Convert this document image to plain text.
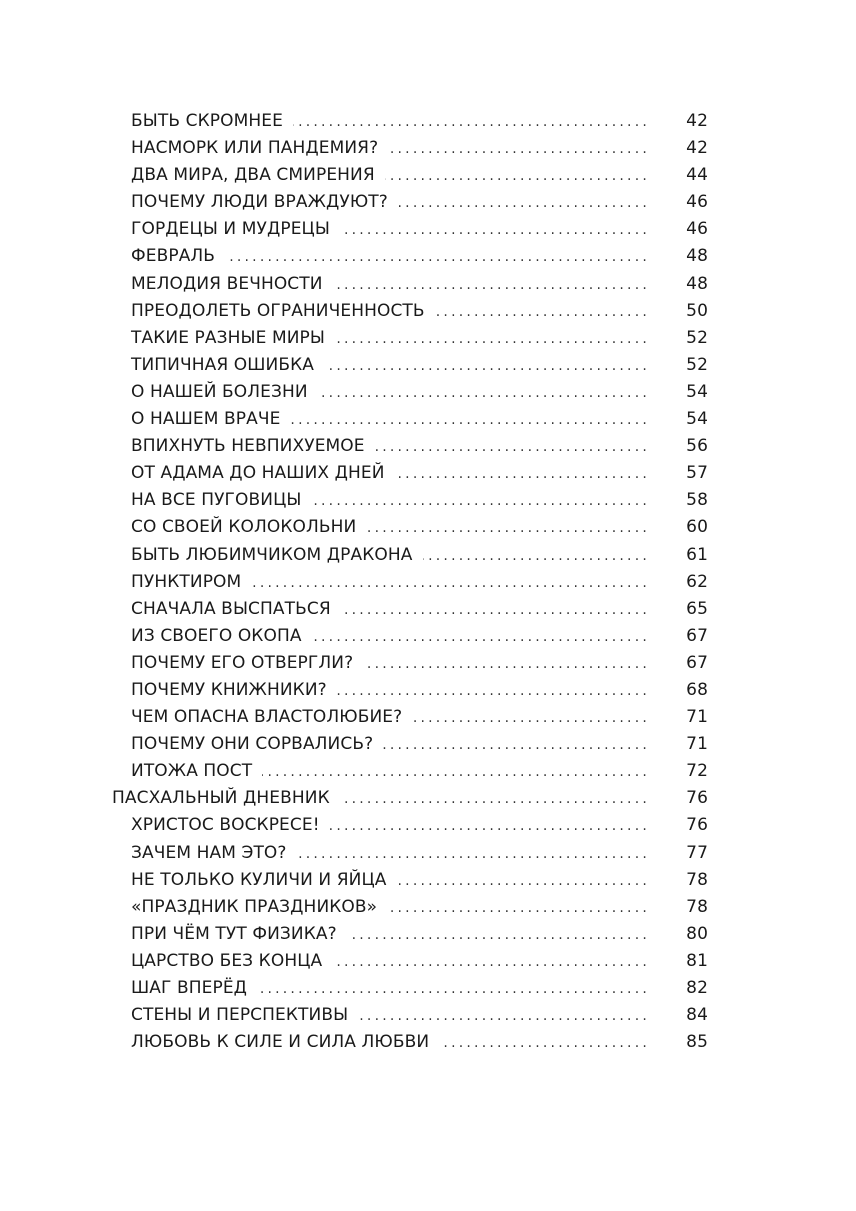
БЫТЬ СКРОМНЕЕ .....	42
НАСМОРК ИЛИ ПАНДЕМИЯ? .....	42
ДВА МИРА, ДВА СМИРЕНИЯ .....	44
ПОЧЕМУ ЛЮДИ ВРАЖДУЮТ? .....	46
ГОРДЕЦЫ И МУДРЕЦЫ .....	46
ФЕВРАЛЬ .....	48
МЕЛОДИЯ ВЕЧНОСТИ .....	48
ПРЕОДОЛЕТЬ ОГРАНИЧЕННОСТЬ .....	50
ТАКИЕ РАЗНЫЕ МИРЫ .....	52
ТИПИЧНАЯ ОШИБКА .....	52
О НАШЕЙ БОЛЕЗНИ .....	54
О НАШЕМ ВРАЧЕ .....	54
ВПИХНУТЬ НЕВПИХУЕМОЕ .....	56
ОТ АДАМА ДО НАШИХ ДНЕЙ .....	57
НА ВСЕ ПУГОВИЦЫ .....	58
СО СВОЕЙ КОЛОКОЛЬНИ .....	60
БЫТЬ ЛЮБИМЧИКОМ ДРАКОНА .....	61
ПУНКТИРОМ .....	62
СНАЧАЛА ВЫСПАТЬСЯ .....	65
ИЗ СВОЕГО ОКОПА .....	67
ПОЧЕМУ ЕГО ОТВЕРГЛИ? .....	67
ПОЧЕМУ КНИЖНИКИ? .....	68
ЧЕМ ОПАСНА ВЛАСТОЛЮБИЕ? .....	71
ПОЧЕМУ ОНИ СОРВАЛИСЬ? .....	71
ИТОЖА ПОСТ .....	72
ПАСХАЛЬНЫЙ ДНЕВНИК .....	76
ХРИСТОС ВОСКРЕСЕ! .....	76
ЗАЧЕМ НАМ ЭТО? .....	77
НЕ ТОЛЬКО КУЛИЧИ И ЯЙЦА .....	78
«ПРАЗДНИК ПРАЗДНИКОВ» .....	78
ПРИ ЧЁМ ТУТ ФИЗИКА? .....	80
ЦАРСТВО БЕЗ КОНЦА .....	81
ШАГ ВПЕРЁД .....	82
СТЕНЫ И ПЕРСПЕКТИВЫ .....	84
ЛЮБОВЬ К СИЛЕ И СИЛА ЛЮБВИ .....	85
